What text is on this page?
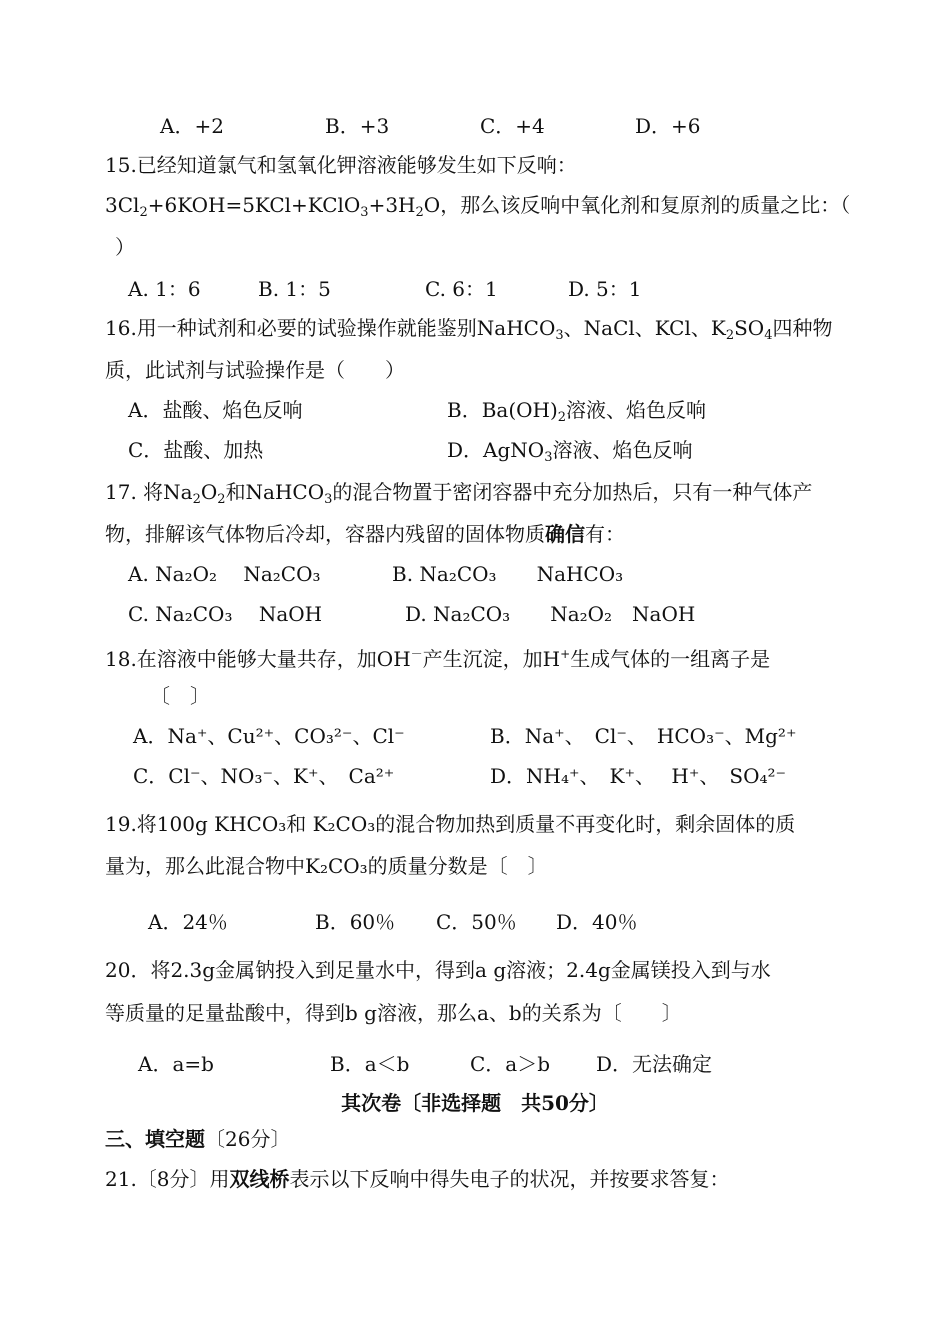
A．+2	B．+3	C．+4	D．+6
15.已经知道氯气和氢氧化钾溶液能够发生如下反响：
$3Cl_2+6KOH=5KCl+KClO_3+3H_2O$，那么该反响中氧化剂和复原剂的质量之比：（
）
A. 1：6	B. 1：5	C. 6：1	D. 5：1
16.用一种试剂和必要的试验操作就能鉴别NaHCO$_3$、NaCl、KCl、$K_2SO_4$四种物
质，此试剂与试验操作是（　　）
A．盐酸、焰色反响	B．$Ba(OH)_2$溶液、焰色反响
C．盐酸、加热	D．AgNO$_3$溶液、焰色反响
17. 将$Na_2O_2$和NaHCO$_3$的混合物置于密闭容器中充分加热后，只有一种气体产
物，排解该气体物后冷却，容器内残留的固体物质确信有：
A. Na₂O₂　 Na₂CO₃	B. Na₂CO₃　　NaHCO₃
C. Na₂CO₃　 NaOH	D. Na₂CO₃　　Na₂O₂　NaOH
18.在溶液中能够大量共存，加OH－产生沉淀，加H+生成气体的一组离子是
〔　〕
A．Na⁺、Cu²⁺、CO₃²⁻、Cl⁻	B．Na⁺、　Cl⁻、　HCO₃⁻、Mg²⁺
C．Cl⁻、NO₃⁻、K⁺、　Ca²⁺	D．NH₄⁺、　K⁺、　 H⁺、　SO₄²⁻
19.将100g KHCO₃和 K₂CO₃的混合物加热到质量不再变化时，剩余固体的质
量为，那么此混合物中K₂CO₃的质量分数是〔　〕
A．24％	B．60％ C．50％ D．40％
20．将2.3g金属钠投入到足量水中，得到a g溶液；2.4g金属镁投入到与水
等质量的足量盐酸中，得到b g溶液，那么a、b的关系为〔　　〕
A．a=b	B．a＜b	C．a＞b D．无法确定
其次卷〔非选择题　共50分〕
三、填空题〔26分〕
21.〔8分〕用双线桥表示以下反响中得失电子的状况，并按要求答复：
